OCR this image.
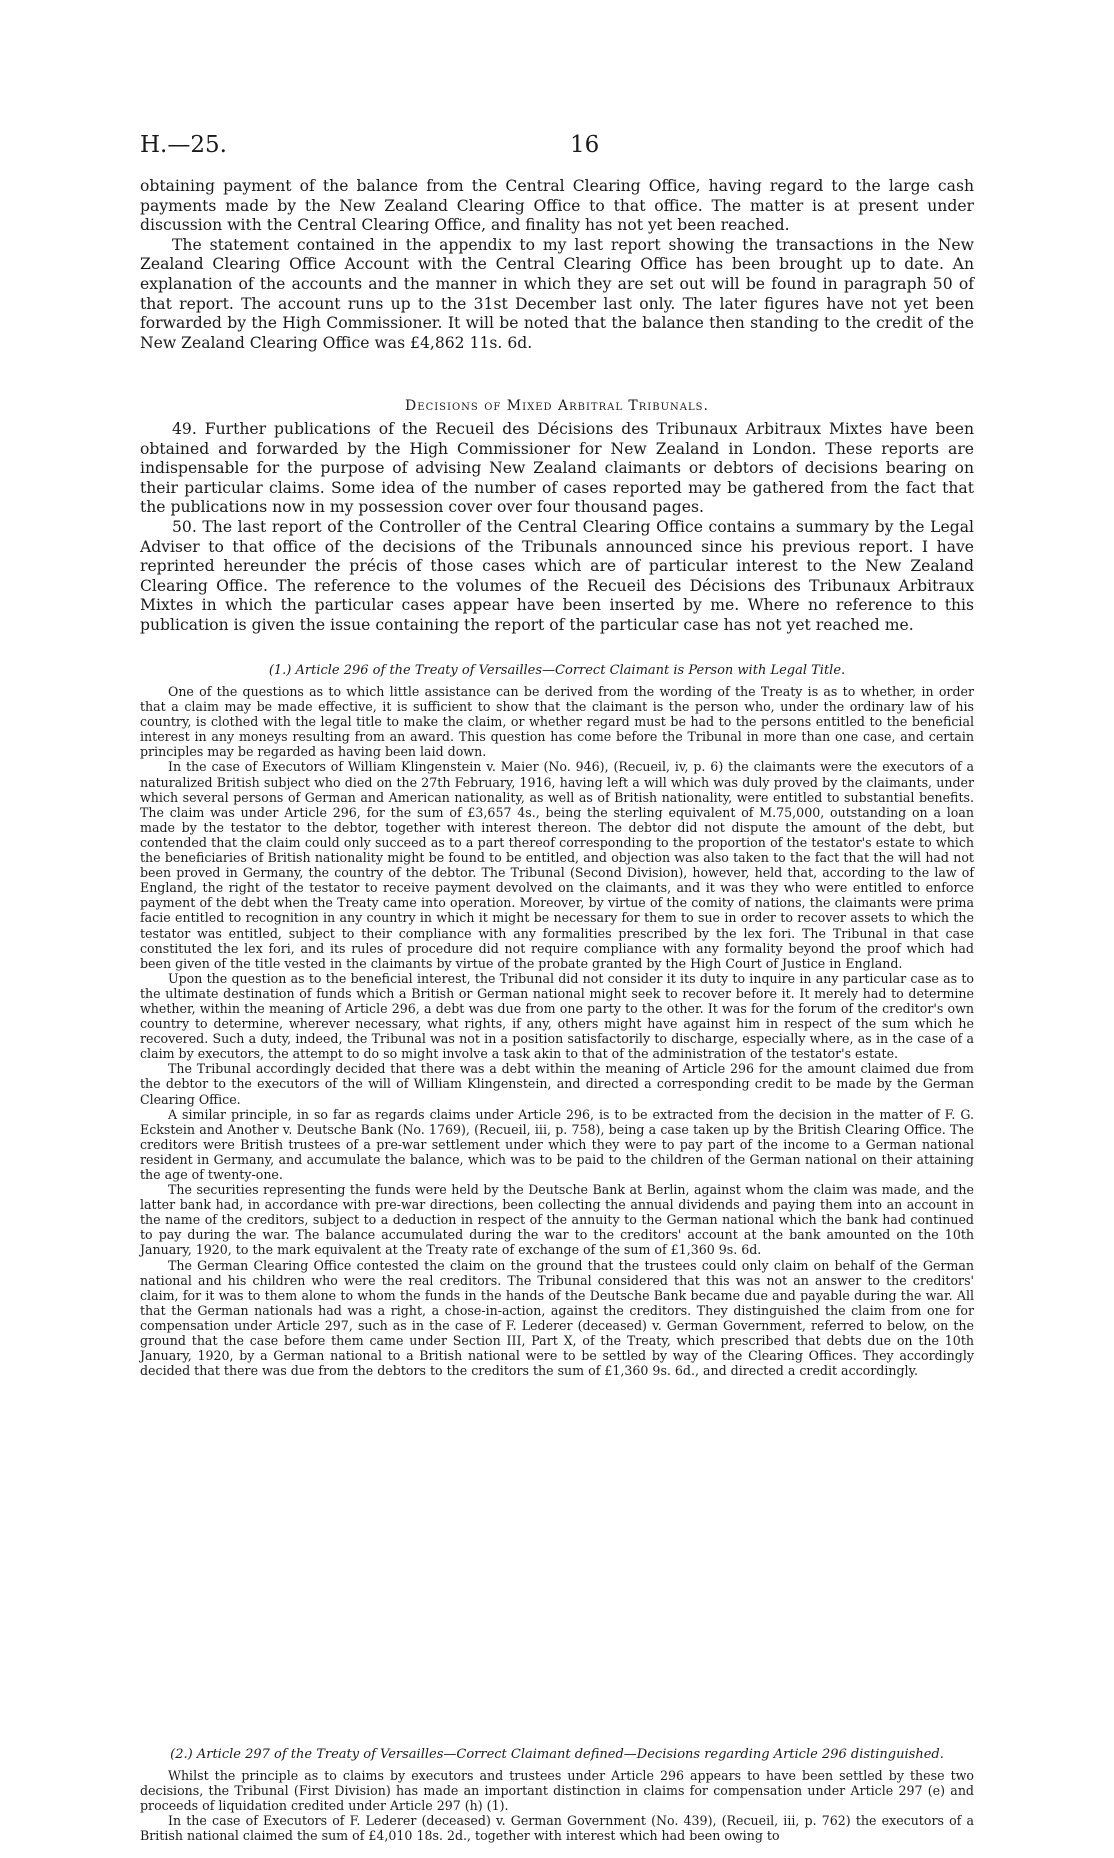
H.—25.	16

obtaining payment of the balance from the Central Clearing Office, having regard to the large cash payments made by the New Zealand Clearing Office to that office. The matter is at present under discussion with the Central Clearing Office, and finality has not yet been reached.

The statement contained in the appendix to my last report showing the transactions in the New Zealand Clearing Office Account with the Central Clearing Office has been brought up to date. An explanation of the accounts and the manner in which they are set out will be found in paragraph 50 of that report. The account runs up to the 31st December last only. The later figures have not yet been forwarded by the High Commissioner. It will be noted that the balance then standing to the credit of the New Zealand Clearing Office was £4,862 11s. 6d.

Decisions of Mixed Arbitral Tribunals.

49. Further publications of the Recueil des Décisions des Tribunaux Arbitraux Mixtes have been obtained and forwarded by the High Commissioner for New Zealand in London. These reports are indispensable for the purpose of advising New Zealand claimants or debtors of decisions bearing on their particular claims. Some idea of the number of cases reported may be gathered from the fact that the publications now in my possession cover over four thousand pages.

50. The last report of the Controller of the Central Clearing Office contains a summary by the Legal Adviser to that office of the decisions of the Tribunals announced since his previous report. I have reprinted hereunder the précis of those cases which are of particular interest to the New Zealand Clearing Office. The reference to the volumes of the Recueil des Décisions des Tribunaux Arbitraux Mixtes in which the particular cases appear have been inserted by me. Where no reference to this publication is given the issue containing the report of the particular case has not yet reached me.

(1.) Article 296 of the Treaty of Versailles—Correct Claimant is Person with Legal Title.

One of the questions as to which little assistance can be derived from the wording of the Treaty is as to whether, in order that a claim may be made effective, it is sufficient to show that the claimant is the person who, under the ordinary law of his country, is clothed with the legal title to make the claim, or whether regard must be had to the persons entitled to the beneficial interest in any moneys resulting from an award. This question has come before the Tribunal in more than one case, and certain principles may be regarded as having been laid down.

In the case of Executors of William Klingenstein v. Maier (No. 946), (Recueil, iv, p. 6) the claimants were the executors of a naturalized British subject who died on the 27th February, 1916, having left a will which was duly proved by the claimants, under which several persons of German and American nationality, as well as of British nationality, were entitled to substantial benefits. The claim was under Article 296, for the sum of £3,657 4s., being the sterling equivalent of M.75,000, outstanding on a loan made by the testator to the debtor, together with interest thereon. The debtor did not dispute the amount of the debt, but contended that the claim could only succeed as to a part thereof corresponding to the proportion of the testator's estate to which the beneficiaries of British nationality might be found to be entitled, and objection was also taken to the fact that the will had not been proved in Germany, the country of the debtor. The Tribunal (Second Division), however, held that, according to the law of England, the right of the testator to receive payment devolved on the claimants, and it was they who were entitled to enforce payment of the debt when the Treaty came into operation. Moreover, by virtue of the comity of nations, the claimants were prima facie entitled to recognition in any country in which it might be necessary for them to sue in order to recover assets to which the testator was entitled, subject to their compliance with any formalities prescribed by the lex fori. The Tribunal in that case constituted the lex fori, and its rules of procedure did not require compliance with any formality beyond the proof which had been given of the title vested in the claimants by virtue of the probate granted by the High Court of Justice in England.

Upon the question as to the beneficial interest, the Tribunal did not consider it its duty to inquire in any particular case as to the ultimate destination of funds which a British or German national might seek to recover before it. It merely had to determine whether, within the meaning of Article 296, a debt was due from one party to the other. It was for the forum of the creditor's own country to determine, wherever necessary, what rights, if any, others might have against him in respect of the sum which he recovered. Such a duty, indeed, the Tribunal was not in a position satisfactorily to discharge, especially where, as in the case of a claim by executors, the attempt to do so might involve a task akin to that of the administration of the testator's estate.

The Tribunal accordingly decided that there was a debt within the meaning of Article 296 for the amount claimed due from the debtor to the executors of the will of William Klingenstein, and directed a corresponding credit to be made by the German Clearing Office.

A similar principle, in so far as regards claims under Article 296, is to be extracted from the decision in the matter of F. G. Eckstein and Another v. Deutsche Bank (No. 1769), (Recueil, iii, p. 758), being a case taken up by the British Clearing Office. The creditors were British trustees of a pre-war settlement under which they were to pay part of the income to a German national resident in Germany, and accumulate the balance, which was to be paid to the children of the German national on their attaining the age of twenty-one.

The securities representing the funds were held by the Deutsche Bank at Berlin, against whom the claim was made, and the latter bank had, in accordance with pre-war directions, been collecting the annual dividends and paying them into an account in the name of the creditors, subject to a deduction in respect of the annuity to the German national which the bank had continued to pay during the war. The balance accumulated during the war to the creditors' account at the bank amounted on the 10th January, 1920, to the mark equivalent at the Treaty rate of exchange of the sum of £1,360 9s. 6d.

The German Clearing Office contested the claim on the ground that the trustees could only claim on behalf of the German national and his children who were the real creditors. The Tribunal considered that this was not an answer to the creditors' claim, for it was to them alone to whom the funds in the hands of the Deutsche Bank became due and payable during the war. All that the German nationals had was a right, a chose-in-action, against the creditors. They distinguished the claim from one for compensation under Article 297, such as in the case of F. Lederer (deceased) v. German Government, referred to below, on the ground that the case before them came under Section III, Part X, of the Treaty, which prescribed that debts due on the 10th January, 1920, by a German national to a British national were to be settled by way of the Clearing Offices. They accordingly decided that there was due from the debtors to the creditors the sum of £1,360 9s. 6d., and directed a credit accordingly.

(2.) Article 297 of the Treaty of Versailles—Correct Claimant defined—Decisions regarding Article 296 distinguished.

Whilst the principle as to claims by executors and trustees under Article 296 appears to have been settled by these two decisions, the Tribunal (First Division) has made an important distinction in claims for compensation under Article 297 (e) and proceeds of liquidation credited under Article 297 (h) (1).

In the case of Executors of F. Lederer (deceased) v. German Government (No. 439), (Recueil, iii, p. 762) the executors of a British national claimed the sum of £4,010 18s. 2d., together with interest which had been owing to
